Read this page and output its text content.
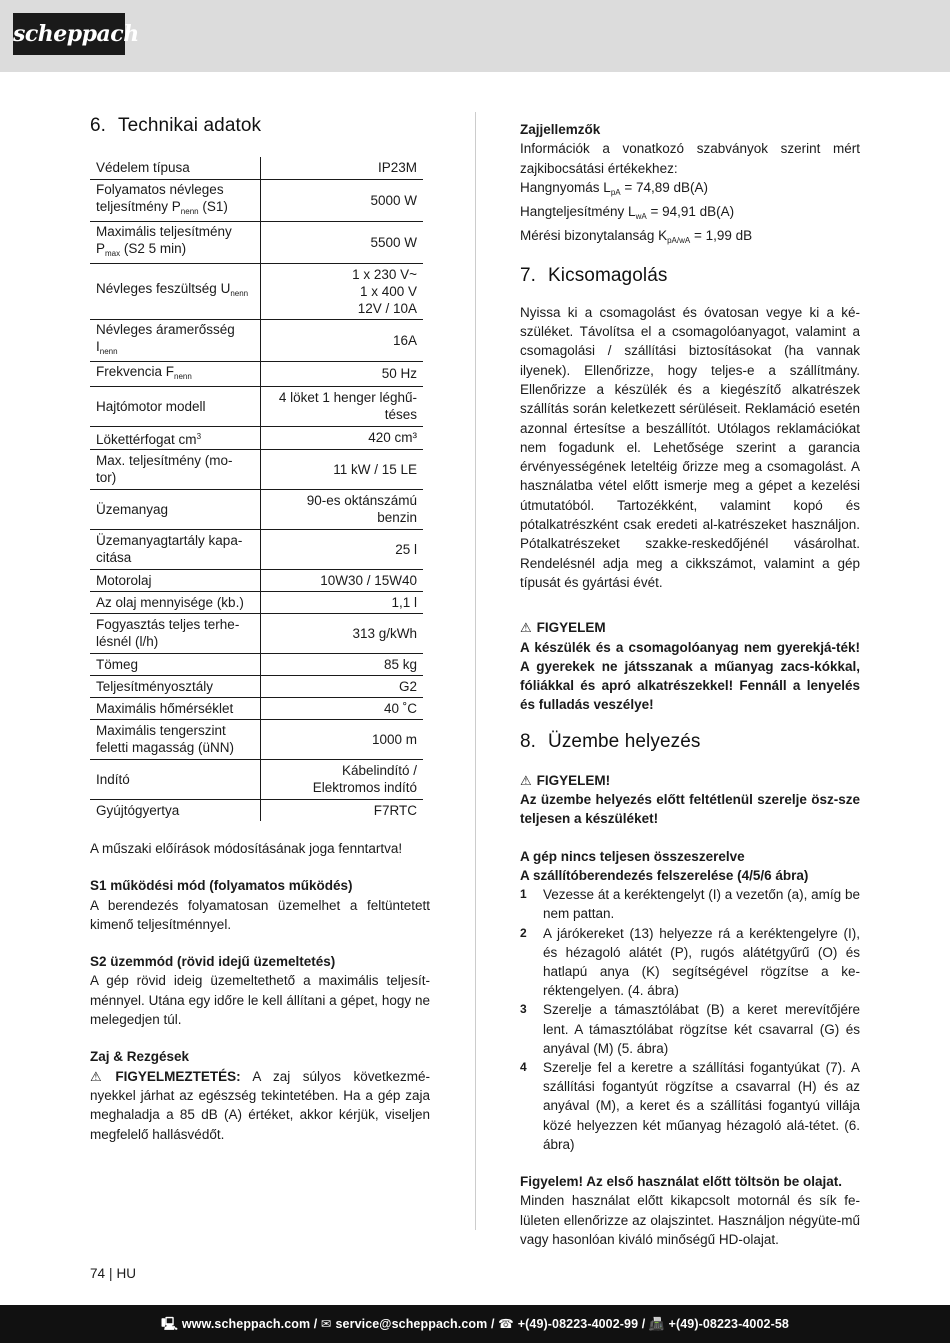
scheppach
6. Technikai adatok
Védelem típusa	IP23M
Folyamatos névleges teljesítmény $P_{nenn}$ (S1)	5000 W
Maximális teljesítmény $P_{max}$ (S2 5 min)	5500 W
Névleges feszültség $U_{nenn}$	1 x 230 V~
1 x 400 V
12V / 10A
Névleges áramerősség $I_{nenn}$	16A
Frekvencia $F_{nenn}$	50 Hz
Hajtómotor modell	4 löket 1 henger léghű-
téses
Lökettérfogat $cm^3$	420 cm³
Max. teljesítmény (mo-
tor)	11 kW / 15 LE
Üzemanyag	90-es oktánszámú
benzin
Üzemanyagtartály kapa-
citása	25 l
Motorolaj	10W30 / 15W40
Az olaj mennyisége (kb.)	1,1 l
Fogyasztás teljes terhe-
lésnél (l/h)	313 g/kWh
Tömeg	85 kg
Teljesítményosztály	G2
Maximális hőmérséklet	40 ˚C
Maximális tengerszint
feletti magasság (üNN)	1000 m
Indító	Kábelindító /
Elektromos indító
Gyújtógyertya	F7RTC

A műszaki előírások módosításának joga fenntartva!

S1 működési mód (folyamatos működés)

A berendezés folyamatosan üzemelhet a feltüntetett kimenő teljesítménnyel.

S2 üzemmód (rövid idejű üzemeltetés)

A gép rövid ideig üzemeltethető a maximális teljesít-ménnyel. Utána egy időre le kell állítani a gépet, hogy ne melegedjen túl.

Zaj & Rezgések

⚠ FIGYELMEZTETÉS: A zaj súlyos következmé-nyekkel járhat az egészség tekintetében. Ha a gép zaja meghaladja a 85 dB (A) értéket, akkor kérjük, viseljen megfelelő hallásvédőt.

Zajjellemzők

Információk a vonatkozó szabványok szerint mért zajkibocsátási értékekhez:

Hangnyomás $L_{pA} = 74,89$ dB(A)

Hangteljesítmény $L_{wA} = 94,91$ dB(A)

Mérési bizonytalanság $K_{pA/wA} = 1,99$ dB

7. Kicsomagolás

Nyissa ki a csomagolást és óvatosan vegye ki a ké-szüléket. Távolítsa el a csomagolóanyagot, valamint a csomagolási / szállítási biztosításokat (ha vannak ilyenek). Ellenőrizze, hogy teljes-e a szállítmány. Ellenőrizze a készülék és a kiegészítő alkatrészek szállítás során keletkezett sérüléseit. Reklamáció esetén azonnal értesítse a beszállítót. Utólagos reklamációkat nem fogadunk el. Lehetősége szerint a garancia érvényességének leteltéig őrizze meg a csomagolást. A használatba vétel előtt ismerje meg a gépet a kezelési útmutatóból. Tartozékként, valamint kopó és pótalkatrészként csak eredeti al-katrészeket használjon. Pótalkatrészeket szakke-reskedőjénél vásárolhat. Rendelésnél adja meg a cikkszámot, valamint a gép típusát és gyártási évét.

⚠ FIGYELEM

A készülék és a csomagolóanyag nem gyerekjá-ték! A gyerekek ne játsszanak a műanyag zacs-kókkal, fóliákkal és apró alkatrészekkel! Fennáll a lenyelés és fulladás veszélye!

8. Üzembe helyezés

⚠ FIGYELEM!

Az üzembe helyezés előtt feltétlenül szerelje ösz-sze teljesen a készüléket!

A gép nincs teljesen összeszerelve

A szállítóberendezés felszerelése (4/5/6 ábra)

1	Vezesse át a keréktengelyt (I) a vezetőn (a), amíg be nem pattan.
2	A járókereket (13) helyezze rá a keréktengelyre (I), és hézagoló alátét (P), rugós alátétgyűrű (O) és hatlapú anya (K) segítségével rögzítse a ke-réktengelyen. (4. ábra)
3	Szerelje a támasztólábat (B) a keret merevítőjére lent. A támasztólábat rögzítse két csavarral (G) és anyával (M) (5. ábra)
4	Szerelje fel a keretre a szállítási fogantyúkat (7). A szállítási fogantyút rögzítse a csavarral (H) és az anyával (M), a keret és a szállítási fogantyú villája közé helyezzen két műanyag hézagoló alá-tétet. (6. ábra)

Figyelem! Az első használat előtt töltsön be olajat.

Minden használat előtt kikapcsolt motornál és sík fe-lületen ellenőrizze az olajszintet. Használjon négyüte-mű vagy hasonlóan kiváló minőségű HD-olajat.

74 | HU
🖳 www.scheppach.com / ✉ service@scheppach.com / ☎ +(49)-08223-4002-99 / 📠 +(49)-08223-4002-58
